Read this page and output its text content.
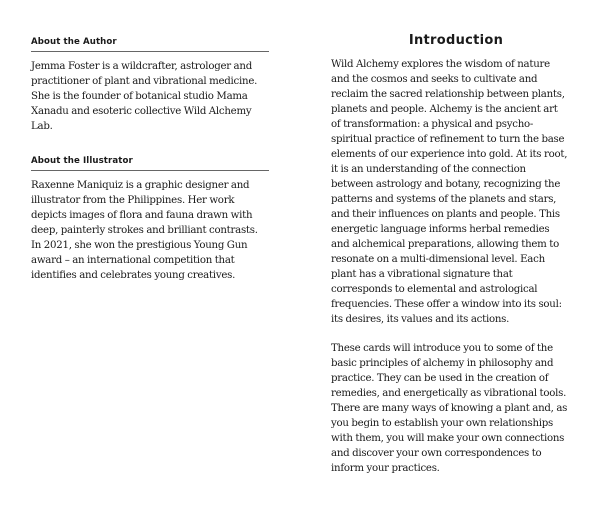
About the Author

Jemma Foster is a wildcrafter, astrologer and practitioner of plant and vibrational medicine. She is the founder of botanical studio Mama Xanadu and esoteric collective Wild Alchemy Lab.

About the Illustrator

Raxenne Maniquiz is a graphic designer and illustrator from the Philippines. Her work depicts images of flora and fauna drawn with deep, painterly strokes and brilliant contrasts. In 2021, she won the prestigious Young Gun award – an international competition that identifies and celebrates young creatives.

Introduction

Wild Alchemy explores the wisdom of nature and the cosmos and seeks to cultivate and reclaim the sacred relationship between plants, planets and people. Alchemy is the ancient art of transformation: a physical and psycho-spiritual practice of refinement to turn the base elements of our experience into gold. At its root, it is an understanding of the connection between astrology and botany, recognizing the patterns and systems of the planets and stars, and their influences on plants and people. This energetic language informs herbal remedies and alchemical preparations, allowing them to resonate on a multi-dimensional level. Each plant has a vibrational signature that corresponds to elemental and astrological frequencies. These offer a window into its soul: its desires, its values and its actions.

These cards will introduce you to some of the basic principles of alchemy in philosophy and practice. They can be used in the creation of remedies, and energetically as vibrational tools. There are many ways of knowing a plant and, as you begin to establish your own relationships with them, you will make your own connections and discover your own correspondences to inform your practices.
